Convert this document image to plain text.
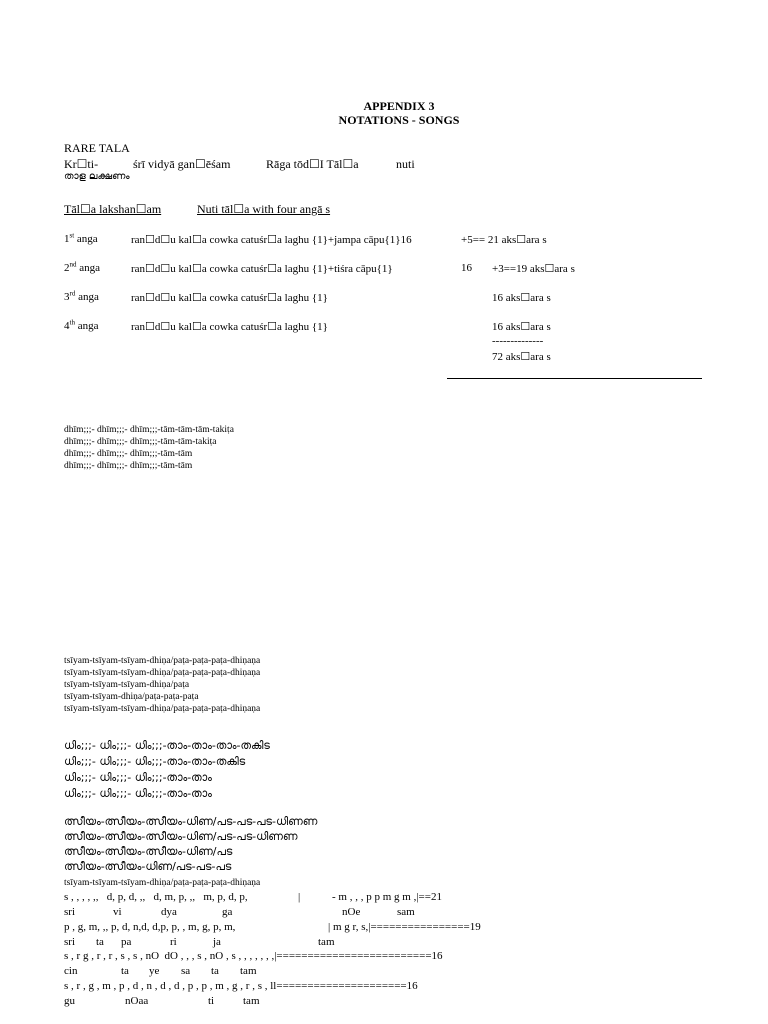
APPENDIX 3
NOTATIONS - SONGS
RARE TALA
Kr☐ti-	śrī vidyā gan☐ēśam	Rāga tōd☐I Tāl☐a	nuti
താള ലക്ഷണം
Tāl☐a lakshan☐am	Nuti tāl☐a with four angā s
1st anga	ran☐d☐u kal☐a cowka catuśr☐a laghu {1}+jampa cāpu{1}16	+5== 21 aks☐ara s
2nd anga	ran☐d☐u kal☐a cowka catuśr☐a laghu {1}+tiśra cāpu{1}	16 +3==19 aks☐ara s
3rd anga	ran☐d☐u kal☐a cowka catuśr☐a laghu {1}	16 aks☐ara s
4th anga	ran☐d☐u kal☐a cowka catuśr☐a laghu {1}	16 aks☐ara s
--------------
72 aks☐ara s
dhīm;;;- dhīm;;;- dhīm;;;-tām-tām-tām-takiṭa
dhīm;;;- dhīm;;;- dhīm;;;-tām-tām-takiṭa
dhīm;;;- dhīm;;;- dhīm;;;-tām-tām
dhīm;;;- dhīm;;;- dhīm;;;-tām-tām
tsīyam-tsīyam-tsīyam-dhiṇa/paṭa-paṭa-paṭa-dhiṇaṇa
tsīyam-tsīyam-tsīyam-dhiṇa/paṭa-paṭa-paṭa-dhiṇaṇa
tsīyam-tsīyam-tsīyam-dhiṇa/paṭa
tsīyam-tsīyam-dhiṇa/paṭa-paṭa-paṭa
tsīyam-tsīyam-tsīyam-dhiṇa/paṭa-paṭa-paṭa-dhiṇaṇa
ധിം;;;- ധിം;;;- ധിം;;;-താം-താം-താം-തകിട
ധിം;;;- ധിം;;;- ധിം;;;-താം-താം-തകിട
ധിം;;;- ധിം;;;- ധിം;;;-താം-താം
ധിം;;;- ധിം;;;- ധിം;;;-താം-താം
ത്സീയം-ത്സീയം-ത്സീയം-ധിണ/പട-പട-പട-ധിണണ
ത്സീയം-ത്സീയം-ത്സീയം-ധിണ/പട-പട-ധിണണ
ത്സീയം-ത്സീയം-ത്സീയം-ധിണ/പട
ത്സീയം-ത്സീയം-ധിണ/പട-പട-പട
tsīyam-tsīyam-tsīyam-dhiṇa/paṭa-paṭa-paṭa-dhiṇaṇa
s , , , , ,,   d, p, d, ,,   d, m, p, ,,   m, p, d, p,	|	- m , , , p p m g m ,|==21
sri	vi	dya	ga	nOe	sam
p , g, m, ,, p, d, n,d, d,p, p, , m, g, p, m,	| m g r, s,|================19
sri ta pa	ri	ja	tam
s , r g , r , r , s , s , nO  dO , , , s , nO , s , , , , , , ,|=========================16
cin	ta ye sa ta tam
s , r , g , m , p , d , n , d , d , p , p , m , g , r , s , ll=====================16
gu	nOaa	ti	tam
